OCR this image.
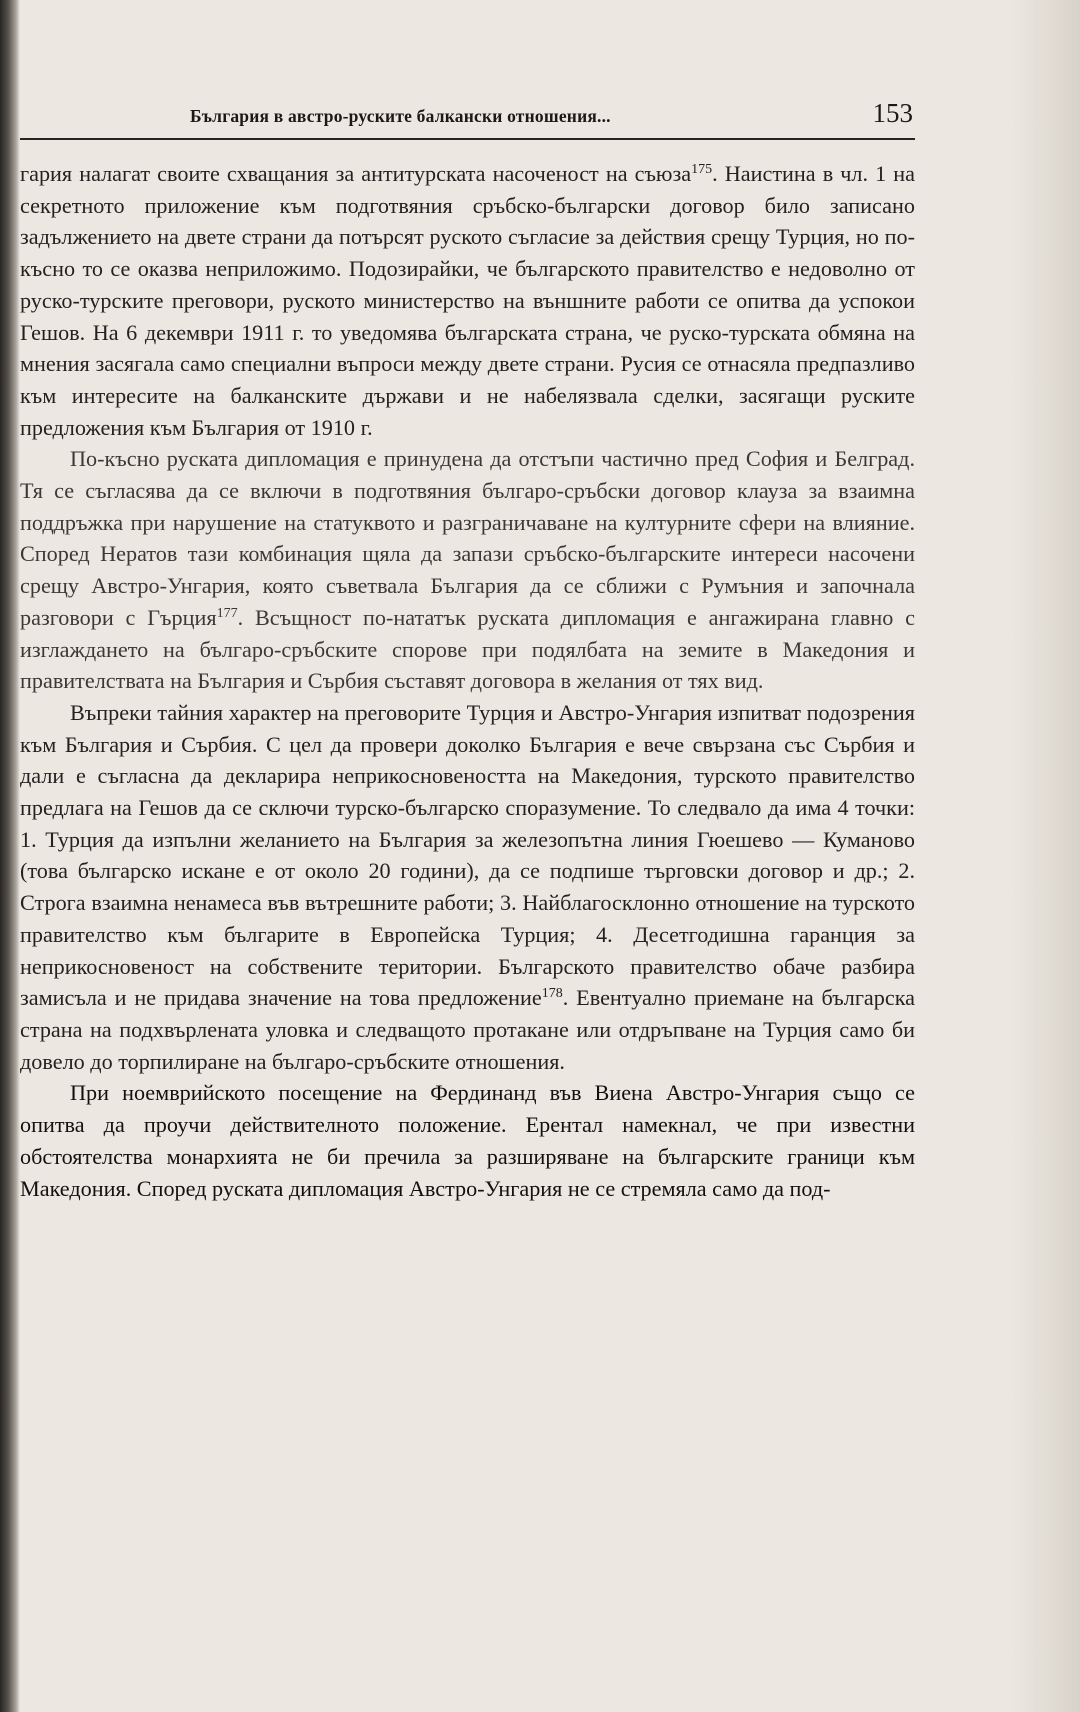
България в австро-руските балкански отношения...	153

гария налагат своите схващания за антитурската насоченост на съюза$^{175}$. Наистина в чл. 1 на секретното приложение към подготвяния сръбско-български договор било записано задължението на двете страни да потърсят руското съгласие за действия срещу Турция, но по-късно то се оказва неприложимо. Подозирайки, че българското правителство е недоволно от руско-турските преговори, руското министерство на външните работи се опитва да успокои Гешов. На 6 декември 1911 г. то уведомява българската страна, че руско-турската обмяна на мнения засягала само специални въпроси между двете страни. Русия се отнасяла предпазливо към интересите на балканските държави и не набелязвала сделки, засягащи руските предложения към България от 1910 г.

По-късно руската дипломация е принудена да отстъпи частично пред София и Белград. Тя се съгласява да се включи в подготвяния българо-сръбски договор клауза за взаимна поддръжка при нарушение на статуквото и разграничаване на културните сфери на влияние. Според Нератов тази комбинация щяла да запази сръбско-българските интереси насочени срещу Австро-Унгария, която съветвала България да се сближи с Румъния и започнала разговори с Гърция$^{177}$. Всъщност по-нататък руската дипломация е ангажирана главно с изглаждането на българо-сръбските спорове при подялбата на земите в Македония и правителствата на България и Сърбия съставят договора в желания от тях вид.

Въпреки тайния характер на преговорите Турция и Австро-Унгария изпитват подозрения към България и Сърбия. С цел да провери доколко България е вече свързана със Сърбия и дали е съгласна да декларира неприкосновеността на Македония, турското правителство предлага на Гешов да се сключи турско-българско споразумение. То следвало да има 4 точки: 1. Турция да изпълни желанието на България за железопътна линия Гюешево — Куманово (това българско искане е от около 20 години), да се подпише търговски договор и др.; 2. Строга взаимна ненамеса във вътрешните работи; 3. Найблагосклонно отношение на турското правителство към българите в Европейска Турция; 4. Десетгодишна гаранция за неприкосновеност на собствените територии. Българското правителство обаче разбира замисъла и не придава значение на това предложение$^{178}$. Евентуално приемане на българска страна на подхвърлената уловка и следващото протакане или отдръпване на Турция само би довело до торпилиране на българо-сръбските отношения.

При ноемврийското посещение на Фердинанд във Виена Австро-Унгария също се опитва да проучи действителното положение. Ерентал намекнал, че при известни обстоятелства монархията не би пречила за разширяване на българските граници към Македония. Според руската дипломация Австро-Унгария не се стремяла само да под-
